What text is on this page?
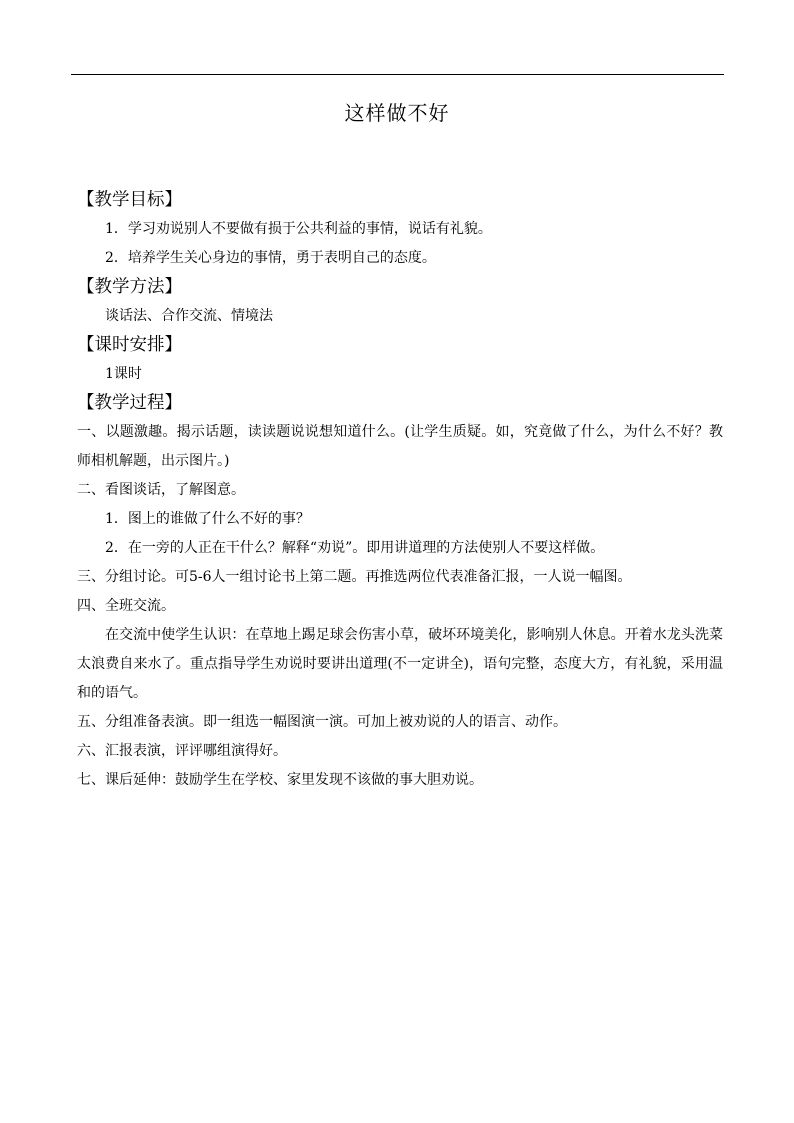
这样做不好

【教学目标】

1．学习劝说别人不要做有损于公共利益的事情，说话有礼貌。

2．培养学生关心身边的事情，勇于表明自己的态度。

【教学方法】

谈话法、合作交流、情境法

【课时安排】

1课时

【教学过程】

一、以题激趣。揭示话题，读读题说说想知道什么。(让学生质疑。如，究竟做了什么，为什么不好？教师相机解题，出示图片。)

二、看图谈话，了解图意。

1．图上的谁做了什么不好的事？

2．在一旁的人正在干什么？解释“劝说”。即用讲道理的方法使别人不要这样做。

三、分组讨论。可5-6人一组讨论书上第二题。再推选两位代表准备汇报，一人说一幅图。

四、全班交流。

在交流中使学生认识：在草地上踢足球会伤害小草，破坏环境美化，影响别人休息。开着水龙头洗菜太浪费自来水了。重点指导学生劝说时要讲出道理(不一定讲全)，语句完整，态度大方，有礼貌，采用温和的语气。

五、分组准备表演。即一组选一幅图演一演。可加上被劝说的人的语言、动作。

六、汇报表演，评评哪组演得好。

七、课后延伸：鼓励学生在学校、家里发现不该做的事大胆劝说。
